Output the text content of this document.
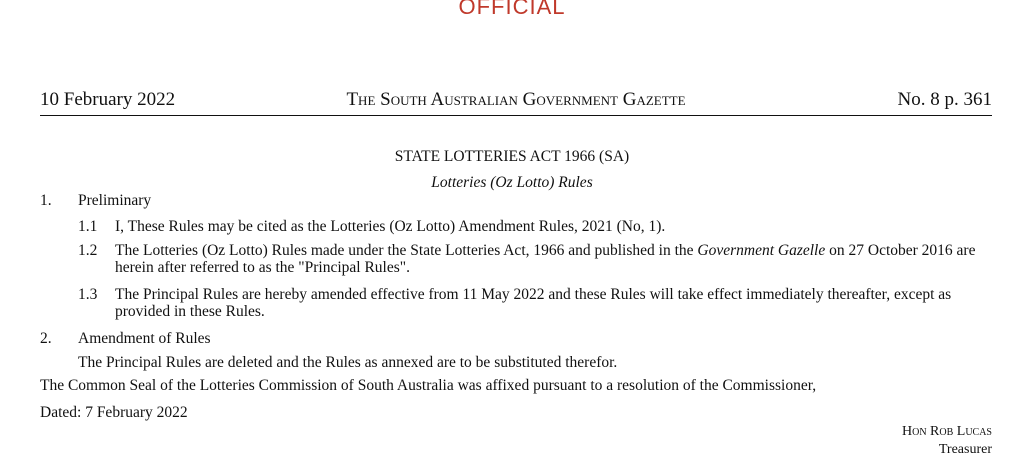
OFFICIAL
10 February 2022	The South Australian Government Gazette	No. 8 p. 361
STATE LOTTERIES ACT 1966 (SA)
Lotteries (Oz Lotto) Rules
1. Preliminary
1.1 I, These Rules may be cited as the Lotteries (Oz Lotto) Amendment Rules, 2021 (No, 1).
1.2 The Lotteries (Oz Lotto) Rules made under the State Lotteries Act, 1966 and published in the Government Gazelle on 27 October 2016 are herein after referred to as the "Principal Rules".
1.3 The Principal Rules are hereby amended effective from 11 May 2022 and these Rules will take effect immediately thereafter, except as provided in these Rules.
2. Amendment of Rules
The Principal Rules are deleted and the Rules as annexed are to be substituted therefor.
The Common Seal of the Lotteries Commission of South Australia was affixed pursuant to a resolution of the Commissioner,
Dated: 7 February 2022
Hon Rob Lucas
Treasurer
